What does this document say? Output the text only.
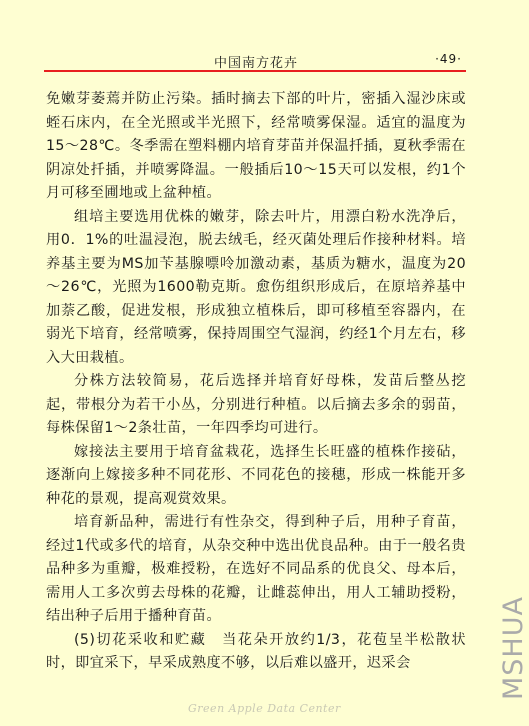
中国南方花卉	·49·

免嫩芽萎蔫并防止污染。插时摘去下部的叶片，密插入湿沙床或蛭石床内，在全光照或半光照下，经常喷雾保湿。适宜的温度为15～28℃。冬季需在塑料棚内培育芽苗并保温扦插，夏秋季需在阴凉处扦插，并喷雾降温。一般插后10～15天可以发根，约1个月可移至圃地或上盆种植。

组培主要选用优株的嫩芽，除去叶片，用漂白粉水洗净后，用0．1%的吐温浸泡，脱去绒毛，经灭菌处理后作接种材料。培养基主要为MS加苄基腺嘌呤加激动素，基质为糖水，温度为20～26℃，光照为1600勒克斯。愈伤组织形成后，在原培养基中加萘乙酸，促进发根，形成独立植株后，即可移植至容器内，在弱光下培育，经常喷雾，保持周围空气湿润，约经1个月左右，移入大田栽植。

分株方法较简易，花后选择并培育好母株，发苗后整丛挖起，带根分为若干小丛，分别进行种植。以后摘去多余的弱苗，每株保留1～2条壮苗，一年四季均可进行。

嫁接法主要用于培育盆栽花，选择生长旺盛的植株作接砧，逐渐向上嫁接多种不同花形、不同花色的接穗，形成一株能开多种花的景观，提高观赏效果。

培育新品种，需进行有性杂交，得到种子后，用种子育苗，经过1代或多代的培育，从杂交种中选出优良品种。由于一般名贵品种多为重瓣，极难授粉，在选好不同品系的优良父、母本后，需用人工多次剪去母株的花瓣，让雌蕊伸出，用人工辅助授粉，结出种子后用于播种育苗。

(5)切花采收和贮藏　当花朵开放约1/3，花苞呈半松散状时，即宜采下，早采成熟度不够，以后难以盛开，迟采会

Green Apple Data Center
MSHUA
